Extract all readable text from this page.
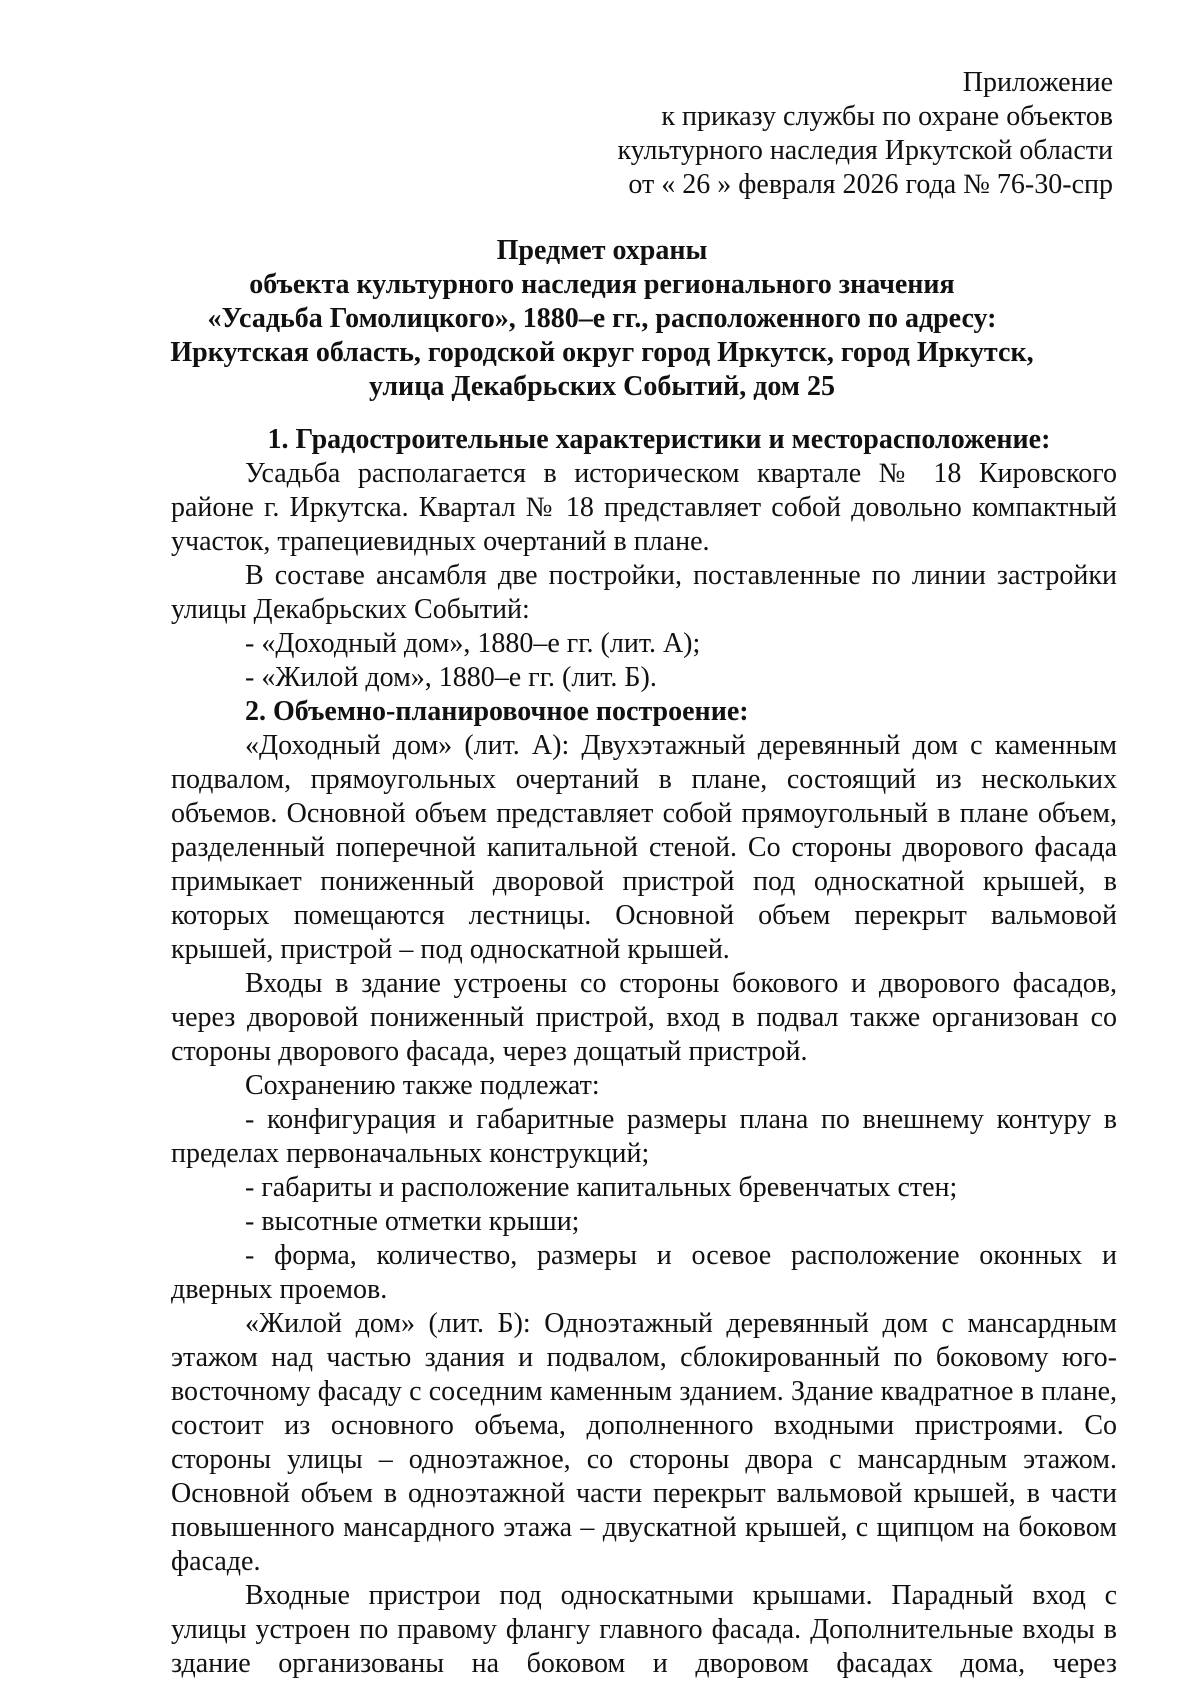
Приложение
к приказу службы по охране объектов
культурного наследия Иркутской области
от « 26 » февраля 2026 года № 76-30-спр
Предмет охраны
объекта культурного наследия регионального значения
«Усадьба Гомолицкого», 1880–е гг., расположенного по адресу:
Иркутская область, городской округ город Иркутск, город Иркутск,
улица Декабрьских Событий, дом 25

1. Градостроительные характеристики и месторасположение:

Усадьба располагается в историческом квартале № 18 Кировского районе г. Иркутска. Квартал № 18 представляет собой довольно компактный участок, трапециевидных очертаний в плане.

В составе ансамбля две постройки, поставленные по линии застройки улицы Декабрьских Событий:

- «Доходный дом», 1880–е гг. (лит. А);

- «Жилой дом», 1880–е гг. (лит. Б).

2. Объемно-планировочное построение:

«Доходный дом» (лит. А): Двухэтажный деревянный дом с каменным подвалом, прямоугольных очертаний в плане, состоящий из нескольких объемов. Основной объем представляет собой прямоугольный в плане объем, разделенный поперечной капитальной стеной. Со стороны дворового фасада примыкает пониженный дворовой пристрой под односкатной крышей, в которых помещаются лестницы. Основной объем перекрыт вальмовой крышей, пристрой – под односкатной крышей.

Входы в здание устроены со стороны бокового и дворового фасадов, через дворовой пониженный пристрой, вход в подвал также организован со стороны дворового фасада, через дощатый пристрой.

Сохранению также подлежат:

- конфигурация и габаритные размеры плана по внешнему контуру в пределах первоначальных конструкций;

- габариты и расположение капитальных бревенчатых стен;

- высотные отметки крыши;

- форма, количество, размеры и осевое расположение оконных и дверных проемов.

«Жилой дом» (лит. Б): Одноэтажный деревянный дом с мансардным этажом над частью здания и подвалом, сблокированный по боковому юго-восточному фасаду с соседним каменным зданием. Здание квадратное в плане, состоит из основного объема, дополненного входными пристроями. Со стороны улицы – одноэтажное, со стороны двора с мансардным этажом. Основной объем в одноэтажной части перекрыт вальмовой крышей, в части повышенного мансардного этажа – двускатной крышей, с щипцом на боковом фасаде.

Входные пристрои под односкатными крышами. Парадный вход с улицы устроен по правому флангу главного фасада. Дополнительные входы в здание организованы на боковом и дворовом фасадах дома, через
